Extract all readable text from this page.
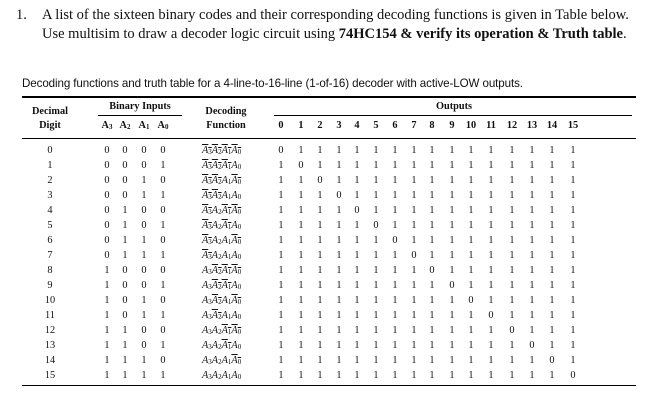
1. A list of the sixteen binary codes and their corresponding decoding functions is given in Table below. Use multisim to draw a decoder logic circuit using 74HC154 & verify its operation & Truth table.
Decoding functions and truth table for a 4-line-to-16-line (1-of-16) decoder with active-LOW outputs.
Decimal
Digit
Binary Inputs	Decoding
Function
Outputs
$A_3$ $A_2$ $A_1$ $A_0$	0	1	2	3	4	5	6	7	8	9	10 11	12 13 14	15
0	0	0	0	0	$A_3A_2A_1A_0$	0	1	1	1	1	1	1	1	1	1	1	1	1	1	1	1
1	0	0	0	1	$A_3A_2A_1A_0$	1	0	1	1	1	1	1	1	1	1	1	1	1	1	1	1
2	0	0	1	0	$A_3A_2A_1A_0$	1	1	0	1	1	1	1	1	1	1	1	1	1	1	1	1
3	0	0	1	1	$A_3A_2A_1A_0$	1	1	1	0	1	1	1	1	1	1	1	1	1	1	1	1
4	0	1	0	0	$A_3A_2A_1A_0$	1	1	1	1	0	1	1	1	1	1	1	1	1	1	1	1
5	0	1	0	1	$A_3A_2A_1A_0$	1	1	1	1	1	0	1	1	1	1	1	1	1	1	1	1
6	0	1	1	0	$A_3A_2A_1A_0$	1	1	1	1	1	1	0	1	1	1	1	1	1	1	1	1
7	0	1	1	1	$A_3A_2A_1A_0$	1	1	1	1	1	1	1	0	1	1	1	1	1	1	1	1
8	1	0	0	0	$A_3A_2A_1A_0$	1	1	1	1	1	1	1	1	0	1	1	1	1	1	1	1
9	1	0	0	1	$A_3A_2A_1A_0$	1	1	1	1	1	1	1	1	1	0	1	1	1	1	1	1
10	1	0	1	0	$A_3A_2A_1A_0$	1	1	1	1	1	1	1	1	1	1	0	1	1	1	1	1
11	1	0	1	1	$A_3A_2A_1A_0$	1	1	1	1	1	1	1	1	1	1	1	0	1	1	1	1
12	1	1	0	0	$A_3A_2A_1A_0$	1	1	1	1	1	1	1	1	1	1	1	1	0	1	1	1
13	1	1	0	1	$A_3A_2A_1A_0$	1	1	1	1	1	1	1	1	1	1	1	1	1	0	1	1
14	1	1	1	0	$A_3A_2A_1A_0$	1	1	1	1	1	1	1	1	1	1	1	1	1	1	0	1
15	1	1	1	1	$A_3A_2A_1A_0$	1	1	1	1	1	1	1	1	1	1	1	1	1	1	1	0
